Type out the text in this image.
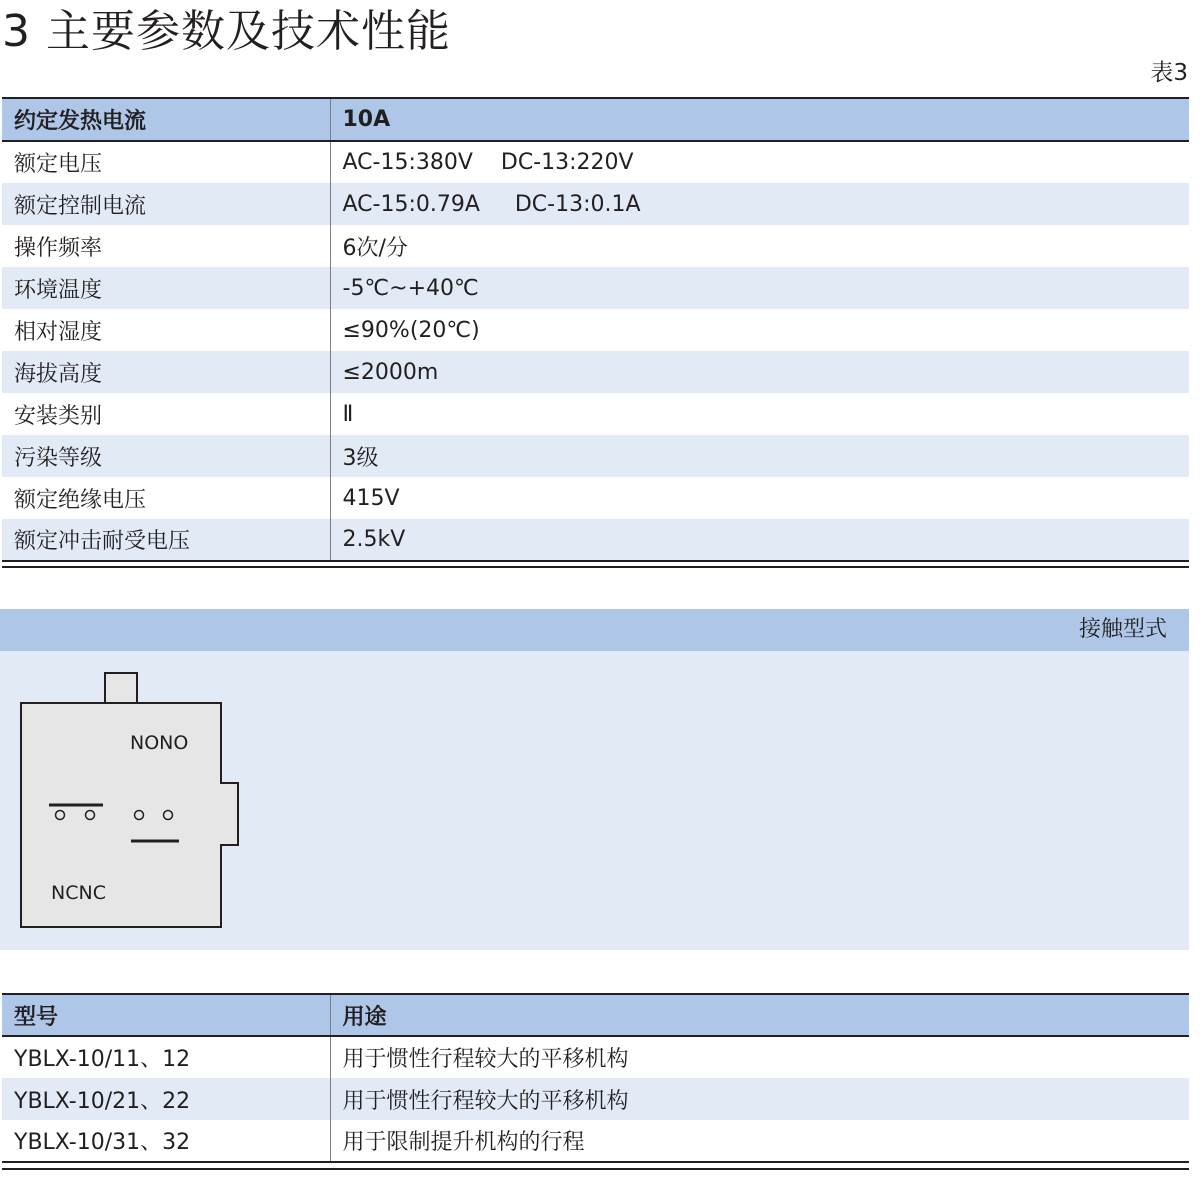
3 主要参数及技术性能
表3
约定发热电流	10A
额定电压	AC-15:380V    DC-13:220V
额定控制电流	AC-15:0.79A     DC-13:0.1A
操作频率	6次/分
环境温度	-5℃~+40℃
相对湿度	≤90%(20℃)
海拔高度	≤2000m
安装类别	Ⅱ
污染等级	3级
额定绝缘电压	415V
额定冲击耐受电压	2.5kV
接触型式
NONO
NCNC
型号	用途
YBLX-10/11、12	用于惯性行程较大的平移机构
YBLX-10/21、22	用于惯性行程较大的平移机构
YBLX-10/31、32	用于限制提升机构的行程
